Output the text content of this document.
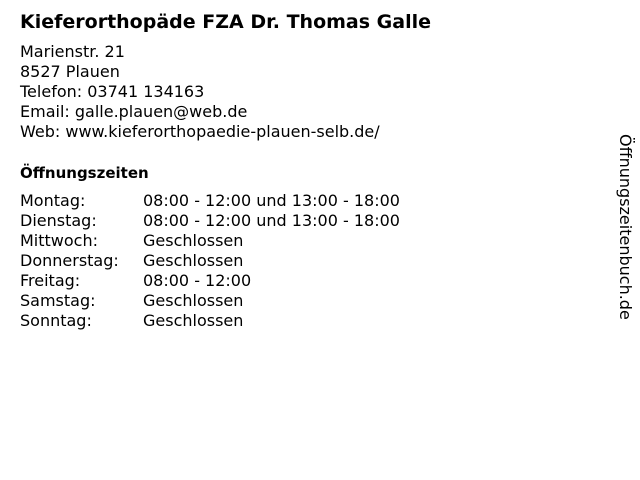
Kieferorthopäde FZA Dr. Thomas Galle
Marienstr. 21
8527 Plauen
Telefon: 03741 134163
Email: galle.plauen@web.de
Web: www.kieferorthopaedie-plauen-selb.de/
Öffnungszeiten
Montag:	08:00 - 12:00 und 13:00 - 18:00
Dienstag:	08:00 - 12:00 und 13:00 - 18:00
Mittwoch:	Geschlossen
Donnerstag:	Geschlossen
Freitag:	08:00 - 12:00
Samstag:	Geschlossen
Sonntag:	Geschlossen
Öffnungszeitenbuch.de
